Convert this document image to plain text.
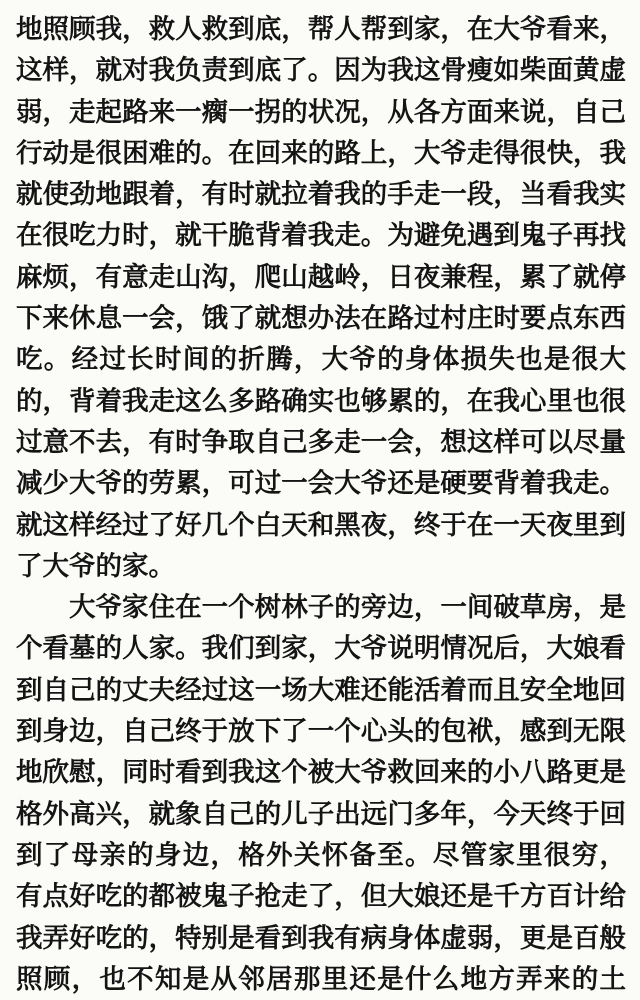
地照顾我，救人救到底，帮人帮到家，在大爷看来，
这样，就对我负责到底了。因为我这骨瘦如柴面黄虚
弱，走起路来一瘸一拐的状况，从各方面来说，自己
行动是很困难的。在回来的路上，大爷走得很快，我
就使劲地跟着，有时就拉着我的手走一段，当看我实
在很吃力时，就干脆背着我走。为避免遇到鬼子再找
麻烦，有意走山沟，爬山越岭，日夜兼程，累了就停
下来休息一会，饿了就想办法在路过村庄时要点东西
吃。经过长时间的折腾，大爷的身体损失也是很大
的，背着我走这么多路确实也够累的，在我心里也很
过意不去，有时争取自己多走一会，想这样可以尽量
减少大爷的劳累，可过一会大爷还是硬要背着我走。
就这样经过了好几个白天和黑夜，终于在一天夜里到
了大爷的家。
大爷家住在一个树林子的旁边，一间破草房，是
个看墓的人家。我们到家，大爷说明情况后，大娘看
到自己的丈夫经过这一场大难还能活着而且安全地回
到身边，自己终于放下了一个心头的包袱，感到无限
地欣慰，同时看到我这个被大爷救回来的小八路更是
格外高兴，就象自己的儿子出远门多年，今天终于回
到了母亲的身边，格外关怀备至。尽管家里很穷，
有点好吃的都被鬼子抢走了，但大娘还是千方百计给
我弄好吃的，特别是看到我有病身体虚弱，更是百般
照顾，也不知是从邻居那里还是什么地方弄来的土
